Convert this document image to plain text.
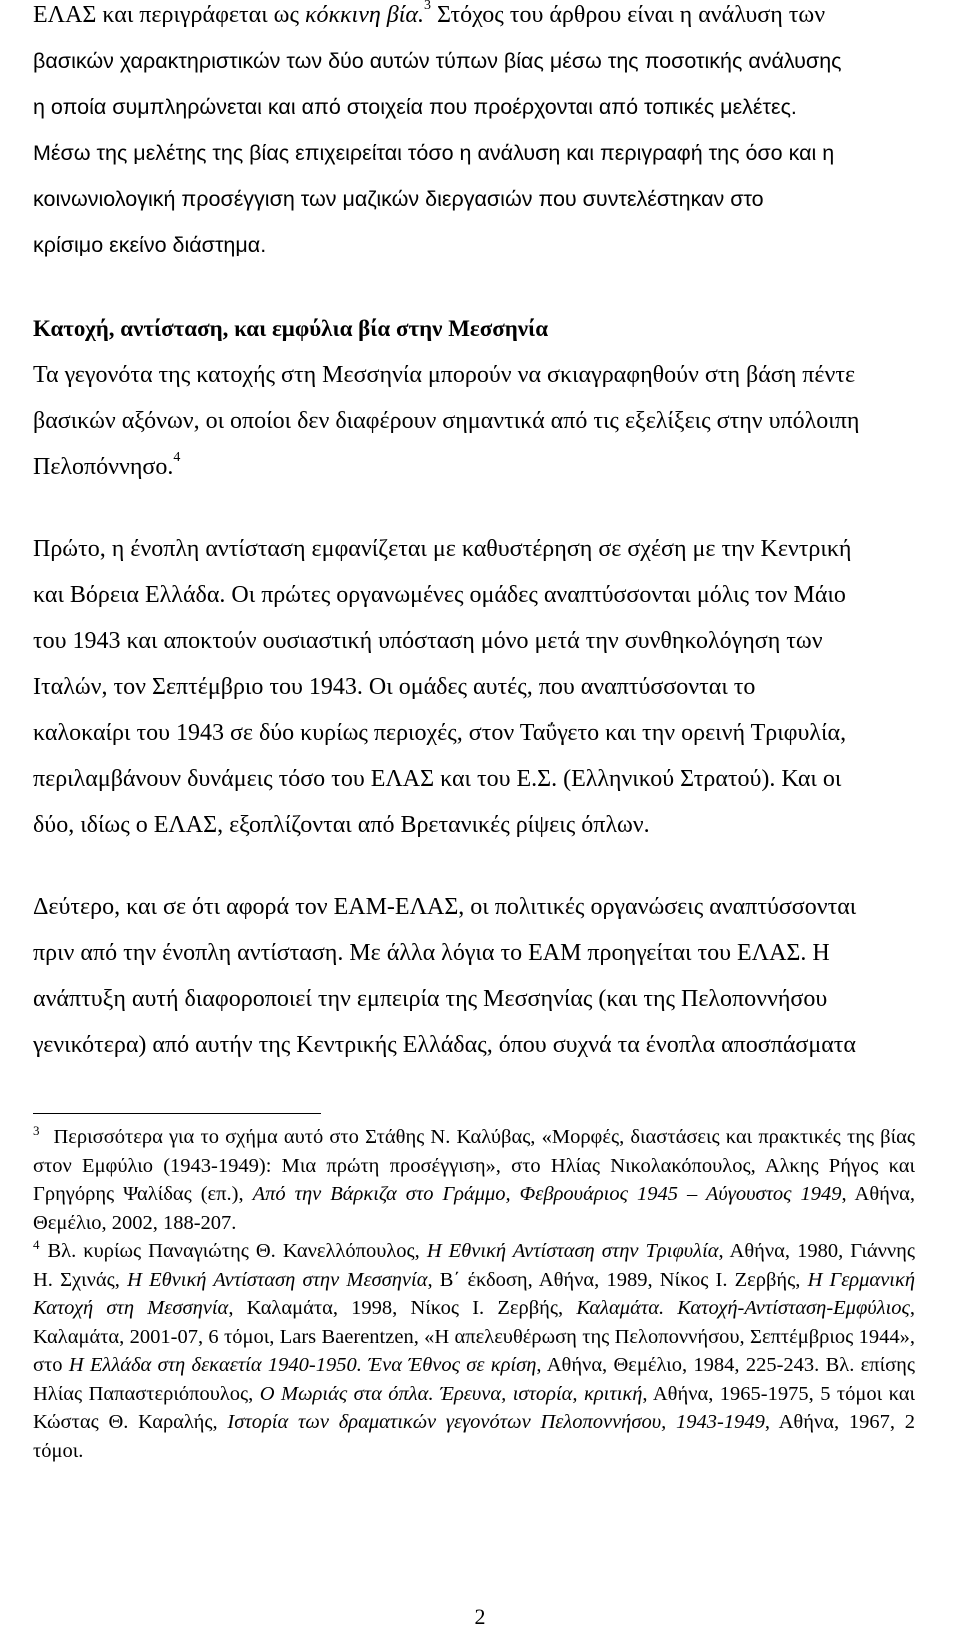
ΕΛΑΣ και περιγράφεται ως κόκκινη βία.$^3$ Στόχος του άρθρου είναι η ανάλυση των

βασικών χαρακτηριστικών των δύο αυτών τύπων βίας μέσω της ποσοτικής ανάλυσης

η οποία συμπληρώνεται και από στοιχεία που προέρχονται από τοπικές μελέτες.

Μέσω της μελέτης της βίας επιχειρείται τόσο η ανάλυση και περιγραφή της όσο και η

κοινωνιολογική προσέγγιση των μαζικών διεργασιών που συντελέστηκαν στο

κρίσιμο εκείνο διάστημα.

Κατοχή, αντίσταση, και εμφύλια βία στην Μεσσηνία

Τα γεγονότα της κατοχής στη Μεσσηνία μπορούν να σκιαγραφηθούν στη βάση πέντε

βασικών αξόνων, οι οποίοι δεν διαφέρουν σημαντικά από τις εξελίξεις στην υπόλοιπη

Πελοπόννησο.$^4$

Πρώτο, η ένοπλη αντίσταση εμφανίζεται με καθυστέρηση σε σχέση με την Κεντρική

και Βόρεια Ελλάδα. Οι πρώτες οργανωμένες ομάδες αναπτύσσονται μόλις τον Μάιο

του 1943 και αποκτούν ουσιαστική υπόσταση μόνο μετά την συνθηκολόγηση των

Ιταλών, τον Σεπτέμβριο του 1943. Οι ομάδες αυτές, που αναπτύσσονται το

καλοκαίρι του 1943 σε δύο κυρίως περιοχές, στον Ταΰγετο και την ορεινή Τριφυλία,

περιλαμβάνουν δυνάμεις τόσο του ΕΛΑΣ και του Ε.Σ. (Ελληνικού Στρατού). Και οι

δύο, ιδίως ο ΕΛΑΣ, εξοπλίζονται από Βρετανικές ρίψεις όπλων.

Δεύτερο, και σε ότι αφορά τον ΕΑΜ-ΕΛΑΣ, οι πολιτικές οργανώσεις αναπτύσσονται

πριν από την ένοπλη αντίσταση. Με άλλα λόγια το ΕΑΜ προηγείται του ΕΛΑΣ. Η

ανάπτυξη αυτή διαφοροποιεί την εμπειρία της Μεσσηνίας (και της Πελοποννήσου

γενικότερα) από αυτήν της Κεντρικής Ελλάδας, όπου συχνά τα ένοπλα αποσπάσματα

$^3$ Περισσότερα για το σχήμα αυτό στο Στάθης Ν. Καλύβας, «Μορφές, διαστάσεις και πρακτικές της βίας στον Εμφύλιο (1943-1949): Μια πρώτη προσέγγιση», στο Ηλίας Νικολακόπουλος, Αλκης Ρήγος και Γρηγόρης Ψαλίδας (επ.), Από την Βάρκιζα στο Γράμμο, Φεβρουάριος 1945 – Αύγουστος 1949, Αθήνα, Θεμέλιο, 2002, 188-207.

$^4$ Βλ. κυρίως Παναγιώτης Θ. Κανελλόπουλος, Η Εθνική Αντίσταση στην Τριφυλία, Αθήνα, 1980, Γιάννης Η. Σχινάς, Η Εθνική Αντίσταση στην Μεσσηνία, Β΄ έκδοση, Αθήνα, 1989, Νίκος Ι. Ζερβής, Η Γερμανική Κατοχή στη Μεσσηνία, Καλαμάτα, 1998, Νίκος Ι. Ζερβής, Καλαμάτα. Κατοχή-Αντίσταση-Εμφύλιος, Καλαμάτα, 2001-07, 6 τόμοι, Lars Baerentzen, «Η απελευθέρωση της Πελοποννήσου, Σεπτέμβριος 1944», στο Η Ελλάδα στη δεκαετία 1940-1950. Ένα Έθνος σε κρίση, Αθήνα, Θεμέλιο, 1984, 225-243. Βλ. επίσης Ηλίας Παπαστεριόπουλος, Ο Μωριάς στα όπλα. Έρευνα, ιστορία, κριτική, Αθήνα, 1965-1975, 5 τόμοι και Κώστας Θ. Καραλής, Ιστορία των δραματικών γεγονότων Πελοποννήσου, 1943-1949, Αθήνα, 1967, 2 τόμοι.

2
